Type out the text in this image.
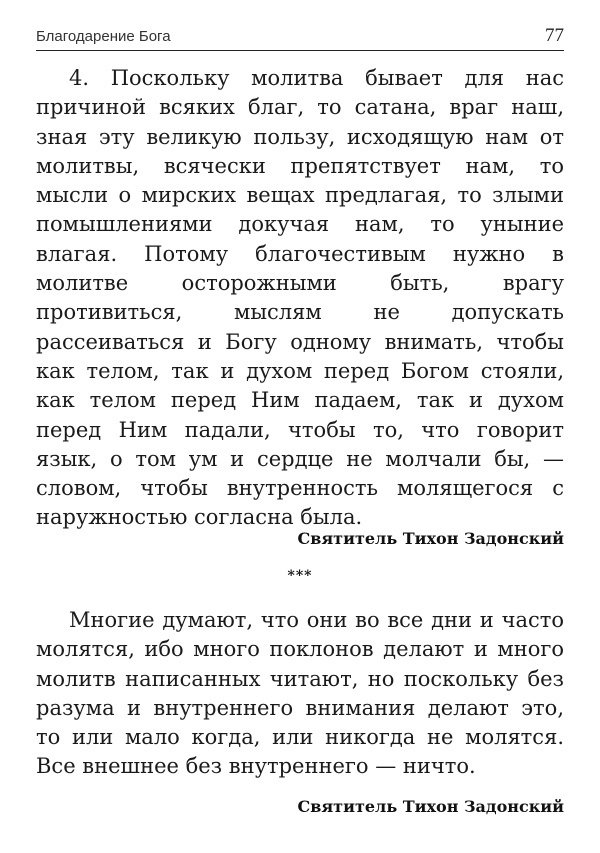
Благодарение Бога	77

4. Поскольку молитва бывает для нас причиной всяких благ, то сатана, враг наш, зная эту великую пользу, исходящую нам от молитвы, всячески препятствует нам, то мысли о мирских вещах предлагая, то злыми помышлениями докучая нам, то уныние влагая. Потому благочестивым нужно в молитве осторожными быть, врагу противиться, мыслям не допускать рассеиваться и Богу одному внимать, чтобы как телом, так и духом перед Богом стояли, как телом перед Ним падаем, так и духом перед Ним падали, чтобы то, что говорит язык, о том ум и сердце не молчали бы, — словом, чтобы внутренность молящегося с наружностью согласна была.

Святитель Тихон Задонский
***

Многие думают, что они во все дни и часто молятся, ибо много поклонов делают и много молитв написанных читают, но поскольку без разума и внутреннего внимания делают это, то или мало когда, или никогда не молятся. Все внешнее без внутреннего — ничто.

Святитель Тихон Задонский
